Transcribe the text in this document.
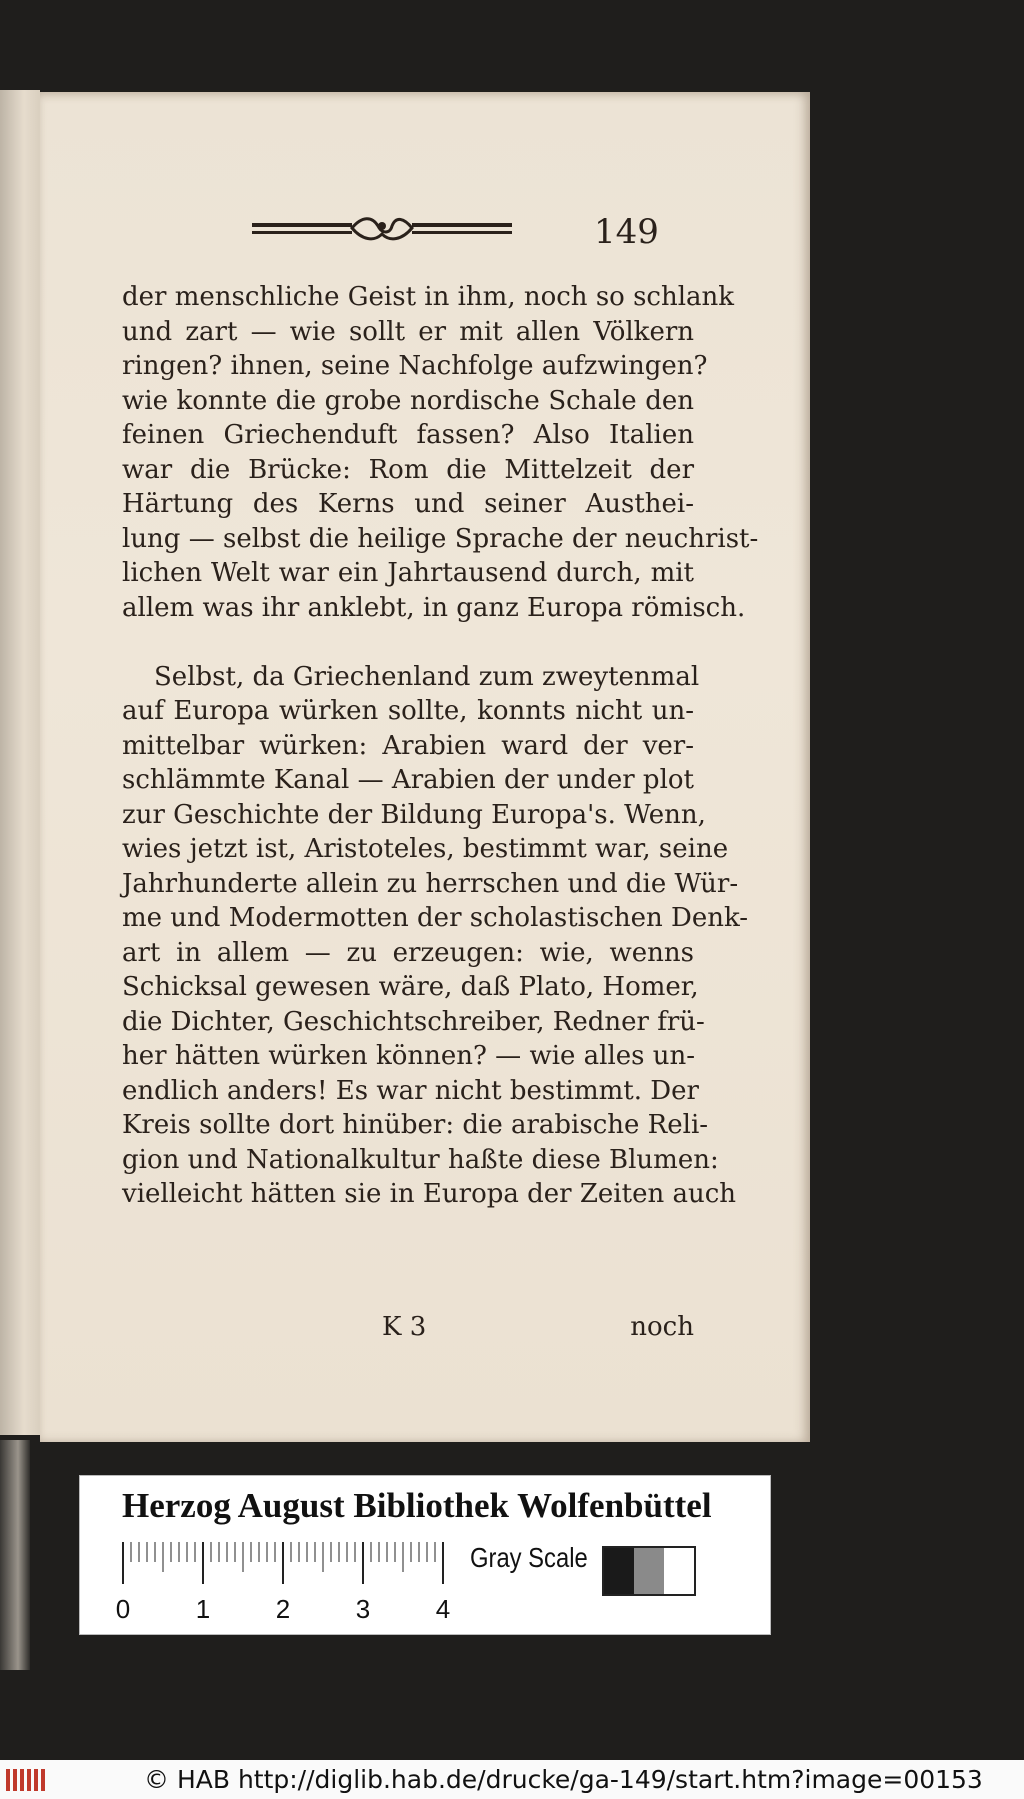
149
der menschliche Geist in ihm, noch so schlank
und zart — wie sollt er mit allen Völkern
ringen? ihnen, seine Nachfolge aufzwingen?
wie konnte die grobe nordische Schale den
feinen Griechenduft fassen? Also Italien
war die Brücke: Rom die Mittelzeit der
Härtung des Kerns und seiner Austhei-
lung — selbst die heilige Sprache der neuchrist-
lichen Welt war ein Jahrtausend durch, mit
allem was ihr anklebt, in ganz Europa römisch.
Selbst, da Griechenland zum zweytenmal
auf Europa würken sollte, konnts nicht un-
mittelbar würken: Arabien ward der ver-
schlämmte Kanal — Arabien der under plot
zur Geschichte der Bildung Europa's. Wenn,
wies jetzt ist, Aristoteles, bestimmt war, seine
Jahrhunderte allein zu herrschen und die Wür-
me und Modermotten der scholastischen Denk-
art in allem — zu erzeugen: wie, wenns
Schicksal gewesen wäre, daß Plato, Homer,
die Dichter, Geschichtschreiber, Redner frü-
her hätten würken können? — wie alles un-
endlich anders! Es war nicht bestimmt. Der
Kreis sollte dort hinüber: die arabische Reli-
gion und Nationalkultur haßte diese Blumen:
vielleicht hätten sie in Europa der Zeiten auch
K 3	noch
Herzog August Bibliothek Wolfenbüttel
0	1	2	3	4
Gray Scale
© HAB http://diglib.hab.de/drucke/ga-149/start.htm?image=00153
